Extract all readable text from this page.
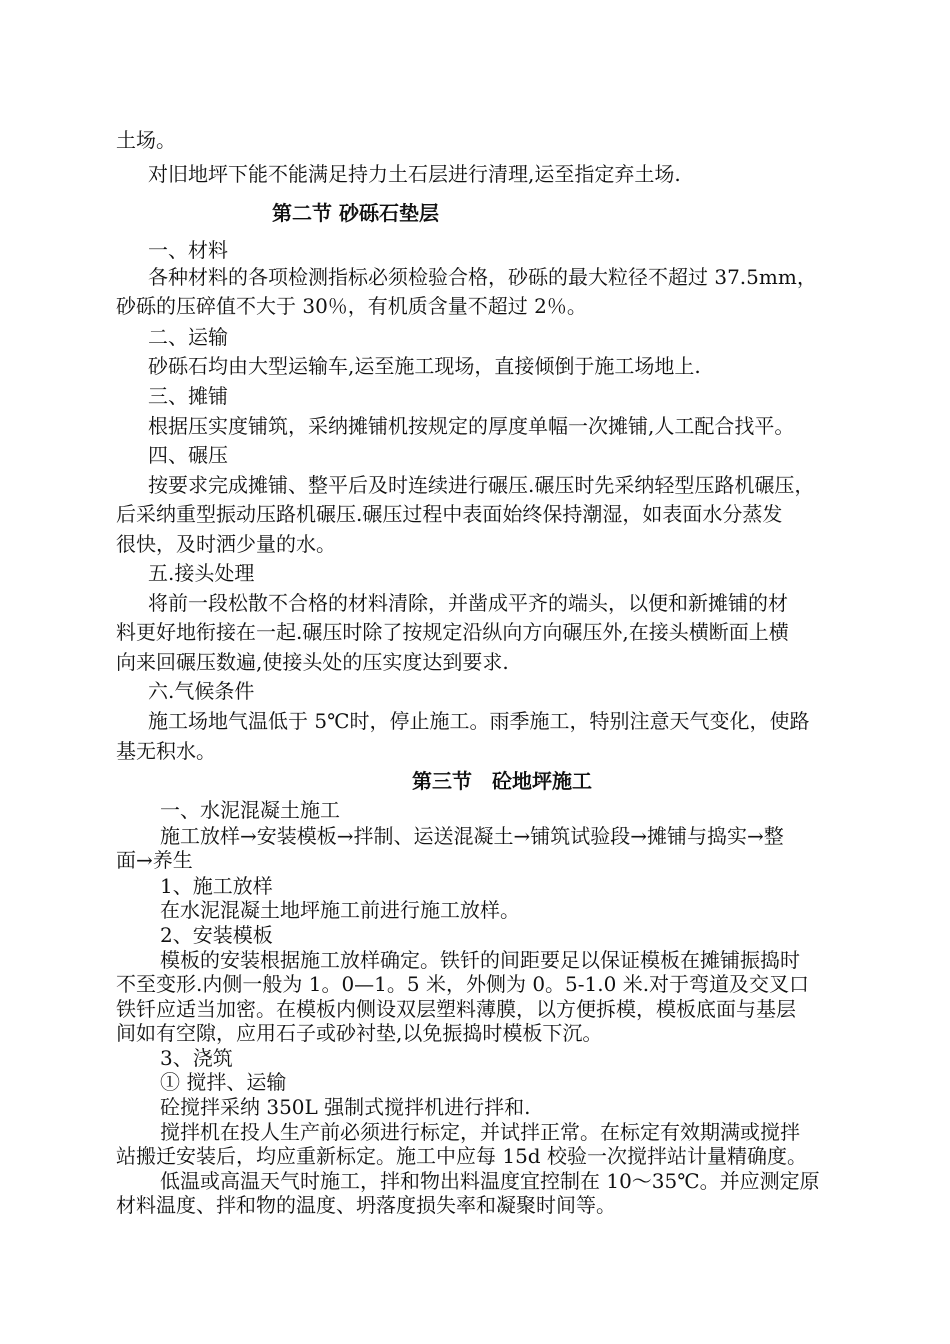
土场。
对旧地坪下能不能满足持力土石层进行清理,运至指定弃土场.
第二节 砂砾石垫层
一、材料
各种材料的各项检测指标必须检验合格，砂砾的最大粒径不超过 37.5mm，
砂砾的压碎值不大于 30％，有机质含量不超过 2％。
二、运输
砂砾石均由大型运输车,运至施工现场，直接倾倒于施工场地上.
三、摊铺
根据压实度铺筑，采纳摊铺机按规定的厚度单幅一次摊铺,人工配合找平。
四、碾压
按要求完成摊铺、整平后及时连续进行碾压.碾压时先采纳轻型压路机碾压，
后采纳重型振动压路机碾压.碾压过程中表面始终保持潮湿，如表面水分蒸发
很快，及时洒少量的水。
五.接头处理
将前一段松散不合格的材料清除，并凿成平齐的端头，以便和新摊铺的材
料更好地衔接在一起.碾压时除了按规定沿纵向方向碾压外,在接头横断面上横
向来回碾压数遍,使接头处的压实度达到要求.
六.气候条件
施工场地气温低于 5℃时，停止施工。雨季施工，特别注意天气变化，使路
基无积水。
第三节　砼地坪施工
一、水泥混凝土施工
施工放样→安装模板→拌制、运送混凝土→铺筑试验段→摊铺与捣实→整
面→养生
1、施工放样
在水泥混凝土地坪施工前进行施工放样。
2、安装模板
模板的安装根据施工放样确定。铁钎的间距要足以保证模板在摊铺振捣时
不至变形.内侧一般为 1。0—1。5 米，外侧为 0。5-1.0 米.对于弯道及交叉口
铁钎应适当加密。在模板内侧设双层塑料薄膜，以方便拆模，模板底面与基层
间如有空隙，应用石子或砂衬垫,以免振捣时模板下沉。
3、浇筑
① 搅拌、运输
砼搅拌采纳 350L 强制式搅拌机进行拌和.
搅拌机在投人生产前必须进行标定，并试拌正常。在标定有效期满或搅拌
站搬迁安装后，均应重新标定。施工中应每 15d 校验一次搅拌站计量精确度。
低温或高温天气时施工，拌和物出料温度宜控制在 10～35℃。并应测定原
材料温度、拌和物的温度、坍落度损失率和凝聚时间等。
